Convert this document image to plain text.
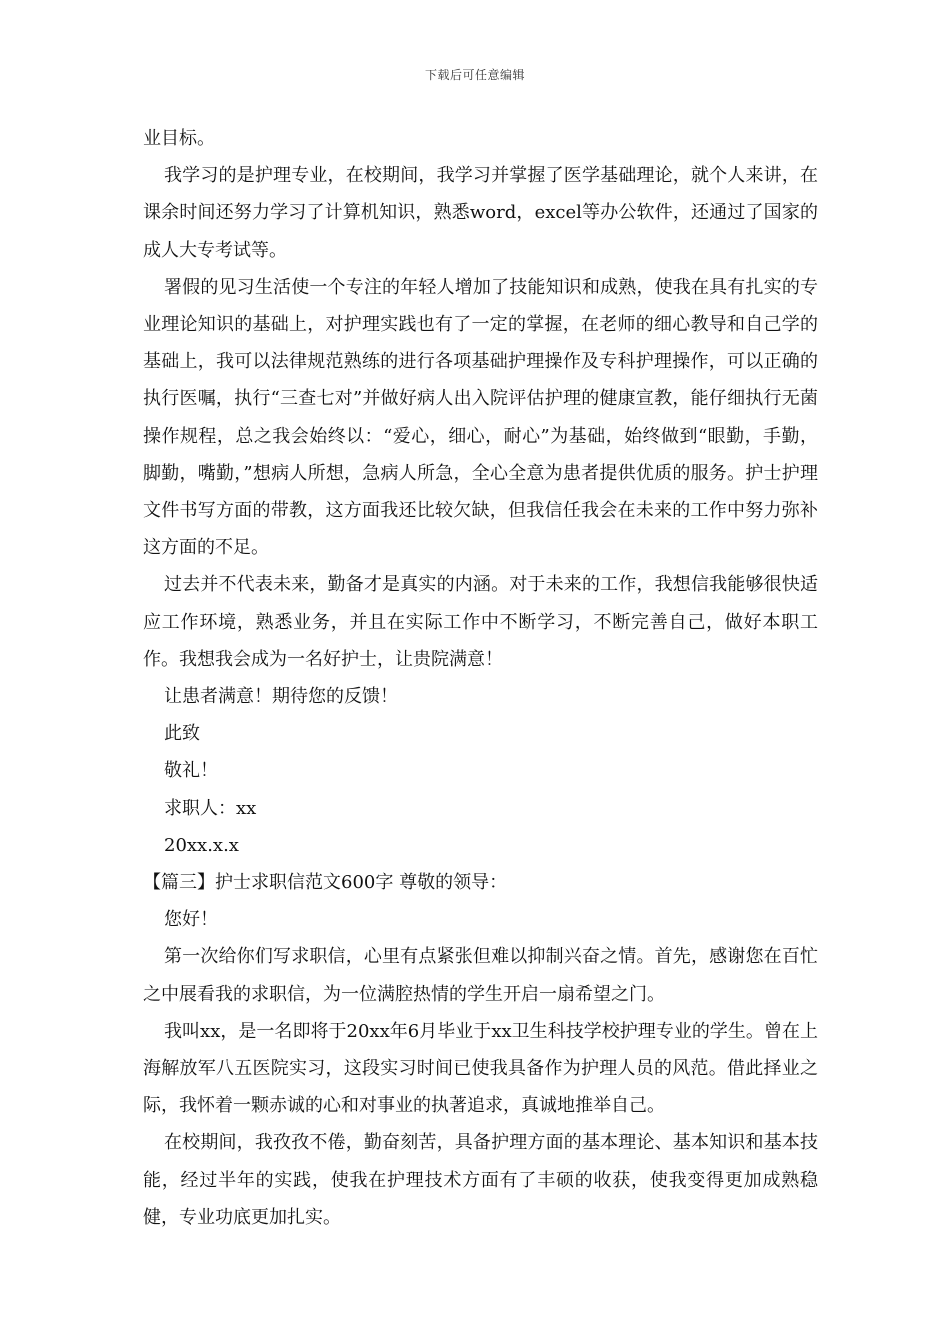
下载后可任意编辑

业目标。

我学习的是护理专业，在校期间，我学习并掌握了医学基础理论，就个人来讲，在课余时间还努力学习了计算机知识，熟悉word，excel等办公软件，还通过了国家的成人大专考试等。

署假的见习生活使一个专注的年轻人增加了技能知识和成熟，使我在具有扎实的专业理论知识的基础上，对护理实践也有了一定的掌握，在老师的细心教导和自己学的基础上，我可以法律规范熟练的进行各项基础护理操作及专科护理操作，可以正确的执行医嘱，执行“三查七对”并做好病人出入院评估护理的健康宣教，能仔细执行无菌操作规程，总之我会始终以：“爱心，细心，耐心”为基础，始终做到“眼勤，手勤，脚勤，嘴勤，”想病人所想，急病人所急，全心全意为患者提供优质的服务。护士护理文件书写方面的带教，这方面我还比较欠缺，但我信任我会在未来的工作中努力弥补这方面的不足。

过去并不代表未来，勤备才是真实的内涵。对于未来的工作，我想信我能够很快适应工作环境，熟悉业务，并且在实际工作中不断学习，不断完善自己，做好本职工作。我想我会成为一名好护士，让贵院满意！

让患者满意！期待您的反馈！

此致

敬礼！

求职人：xx

20xx.x.x

【篇三】护士求职信范文600字 尊敬的领导：

您好！

第一次给你们写求职信，心里有点紧张但难以抑制兴奋之情。首先，感谢您在百忙之中展看我的求职信，为一位满腔热情的学生开启一扇希望之门。

我叫xx，是一名即将于20xx年6月毕业于xx卫生科技学校护理专业的学生。曾在上海解放军八五医院实习，这段实习时间已使我具备作为护理人员的风范。借此择业之际，我怀着一颗赤诚的心和对事业的执著追求，真诚地推举自己。

在校期间，我孜孜不倦，勤奋刻苦，具备护理方面的基本理论、基本知识和基本技能，经过半年的实践，使我在护理技术方面有了丰硕的收获，使我变得更加成熟稳健，专业功底更加扎实。
